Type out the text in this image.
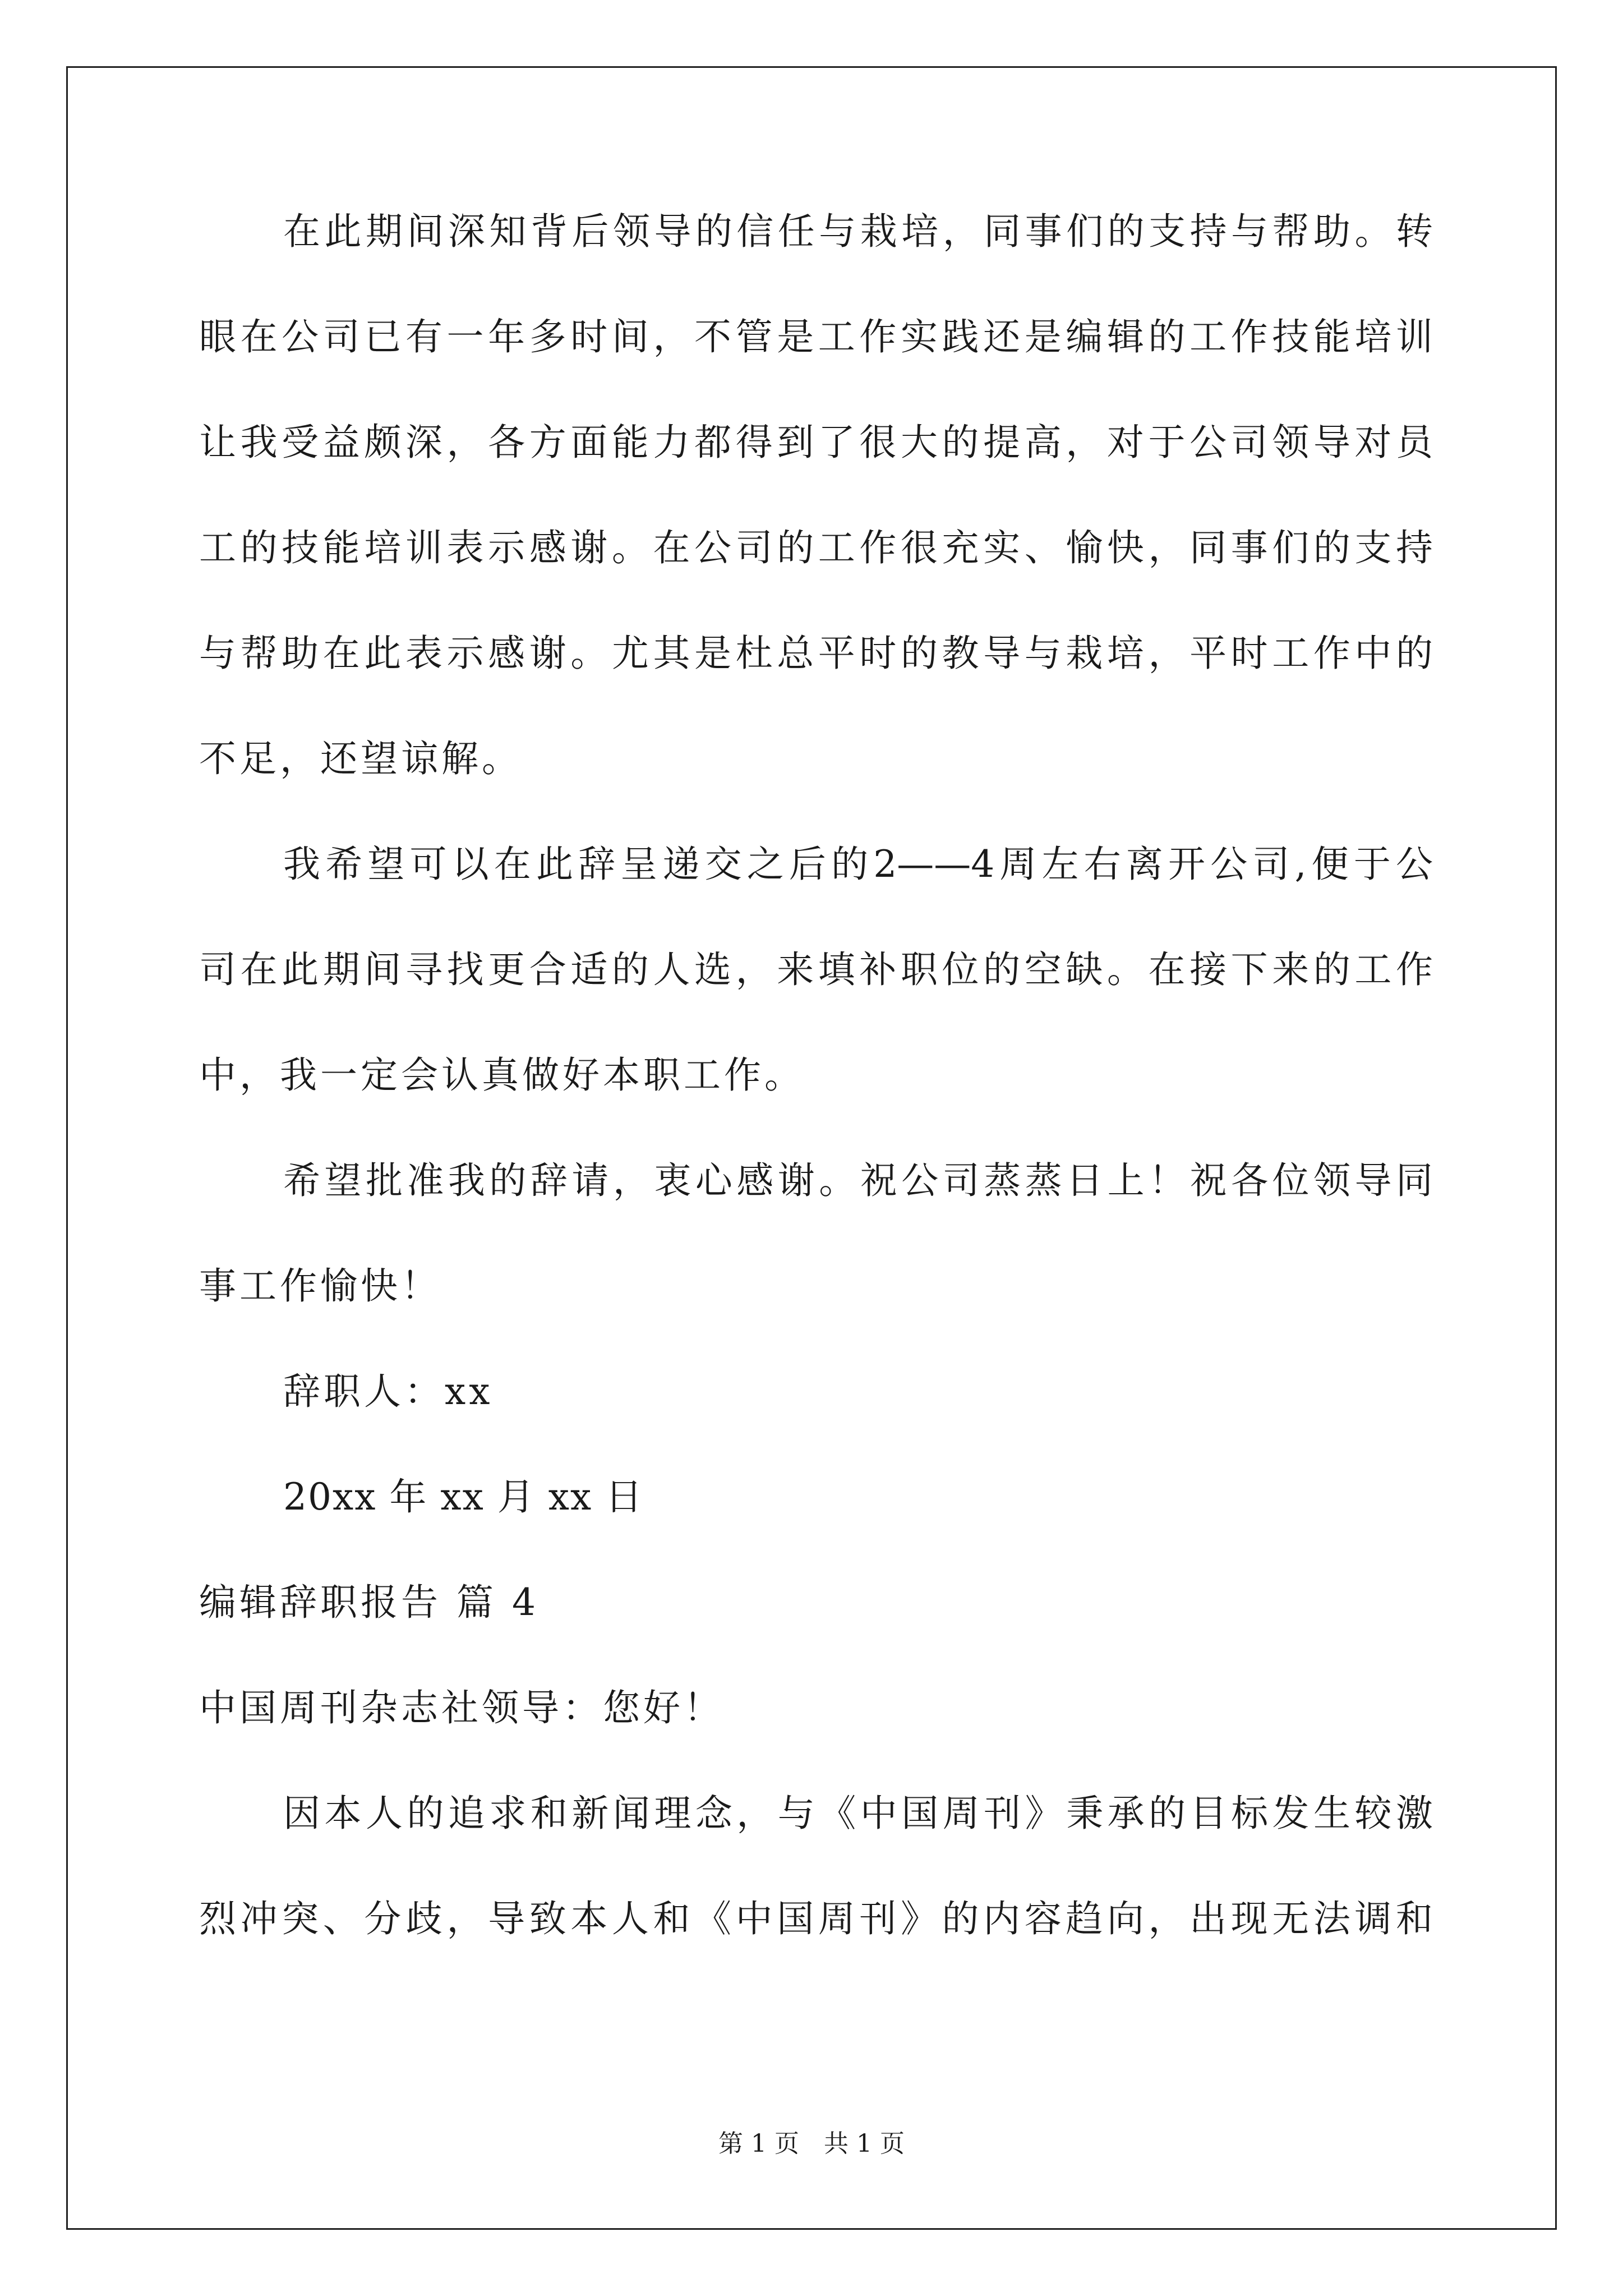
在此期间深知背后领导的信任与栽培，同事们的支持与帮助。转
眼在公司已有一年多时间，不管是工作实践还是编辑的工作技能培训
让我受益颇深，各方面能力都得到了很大的提高，对于公司领导对员
工的技能培训表示感谢。在公司的工作很充实、愉快，同事们的支持
与帮助在此表示感谢。尤其是杜总平时的教导与栽培，平时工作中的
不足，还望谅解。
我希望可以在此辞呈递交之后的2——4周左右离开公司,便于公
司在此期间寻找更合适的人选，来填补职位的空缺。在接下来的工作
中，我一定会认真做好本职工作。
希望批准我的辞请，衷心感谢。祝公司蒸蒸日上！祝各位领导同
事工作愉快！
辞职人：xx
20xx 年 xx 月 xx 日
编辑辞职报告 篇 4
中国周刊杂志社领导：您好！
因本人的追求和新闻理念，与《中国周刊》秉承的目标发生较激
烈冲突、分歧，导致本人和《中国周刊》的内容趋向，出现无法调和
第 1 页　共 1 页
